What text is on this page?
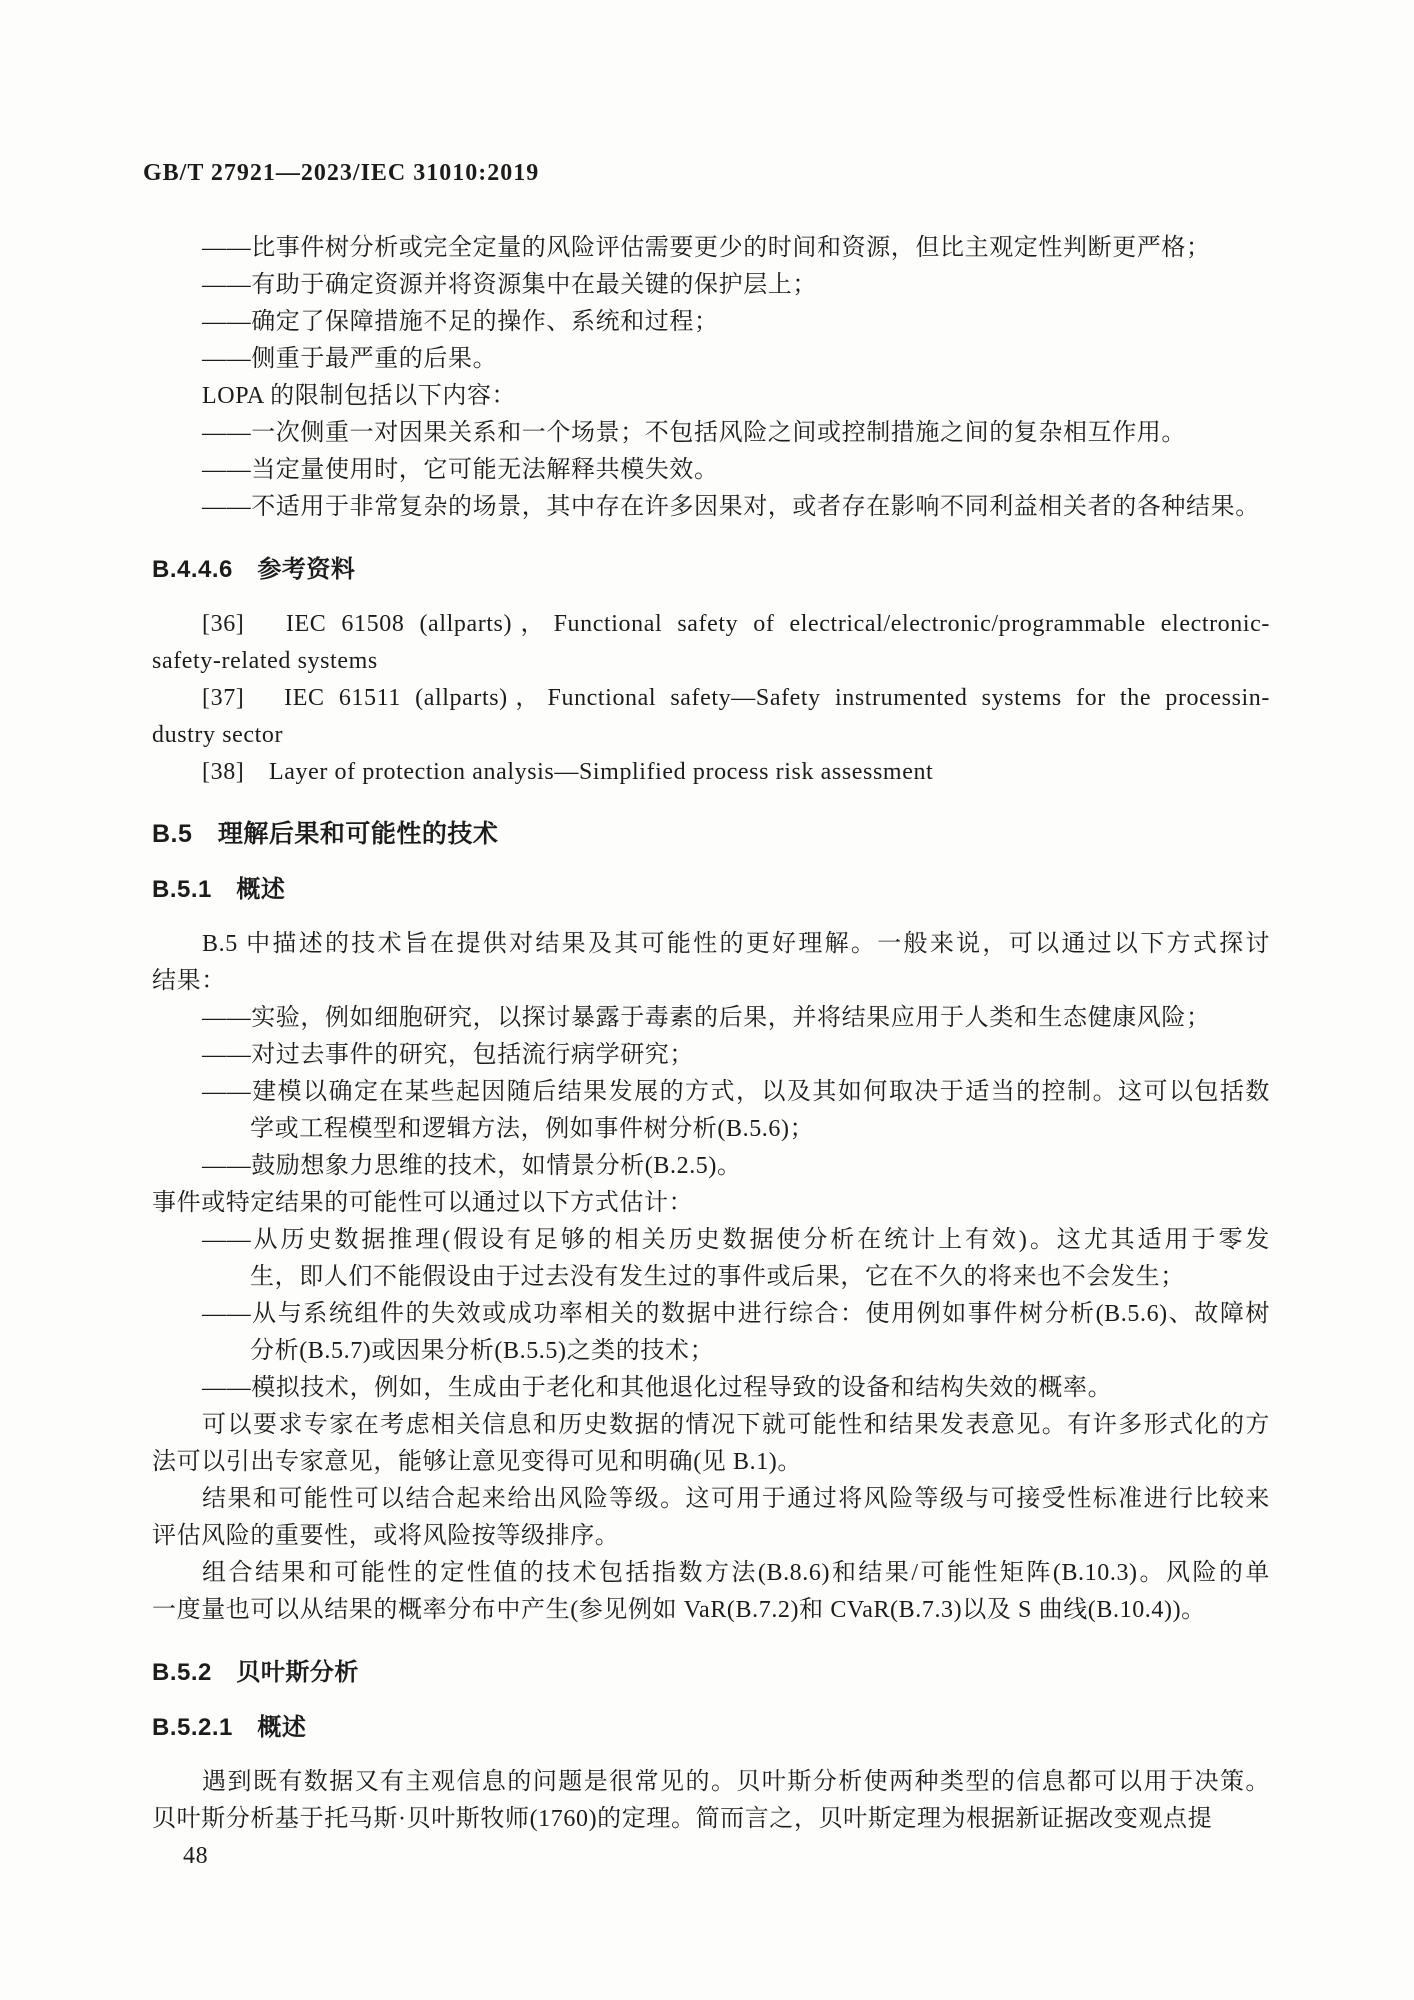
GB/T 27921—2023/IEC 31010:2019
——比事件树分析或完全定量的风险评估需要更少的时间和资源，但比主观定性判断更严格；
——有助于确定资源并将资源集中在最关键的保护层上；
——确定了保障措施不足的操作、系统和过程；
——侧重于最严重的后果。
LOPA 的限制包括以下内容：
——一次侧重一对因果关系和一个场景；不包括风险之间或控制措施之间的复杂相互作用。
——当定量使用时，它可能无法解释共模失效。
——不适用于非常复杂的场景，其中存在许多因果对，或者存在影响不同利益相关者的各种结果。
B.4.4.6　参考资料
[36]　IEC 61508 (allparts)，Functional safety of electrical/electronic/programmable electronic-
safety-related systems
[37]　IEC 61511 (allparts)，Functional safety—Safety instrumented systems for the processin-
dustry sector
[38]　Layer of protection analysis—Simplified process risk assessment
B.5　理解后果和可能性的技术
B.5.1　概述
B.5 中描述的技术旨在提供对结果及其可能性的更好理解。一般来说，可以通过以下方式探讨
结果：
——实验，例如细胞研究，以探讨暴露于毒素的后果，并将结果应用于人类和生态健康风险；
——对过去事件的研究，包括流行病学研究；
——建模以确定在某些起因随后结果发展的方式，以及其如何取决于适当的控制。这可以包括数
学或工程模型和逻辑方法，例如事件树分析(B.5.6)；
——鼓励想象力思维的技术，如情景分析(B.2.5)。
事件或特定结果的可能性可以通过以下方式估计：
——从历史数据推理(假设有足够的相关历史数据使分析在统计上有效)。这尤其适用于零发
生，即人们不能假设由于过去没有发生过的事件或后果，它在不久的将来也不会发生；
——从与系统组件的失效或成功率相关的数据中进行综合：使用例如事件树分析(B.5.6)、故障树
分析(B.5.7)或因果分析(B.5.5)之类的技术；
——模拟技术，例如，生成由于老化和其他退化过程导致的设备和结构失效的概率。
可以要求专家在考虑相关信息和历史数据的情况下就可能性和结果发表意见。有许多形式化的方
法可以引出专家意见，能够让意见变得可见和明确(见 B.1)。
结果和可能性可以结合起来给出风险等级。这可用于通过将风险等级与可接受性标准进行比较来
评估风险的重要性，或将风险按等级排序。
组合结果和可能性的定性值的技术包括指数方法(B.8.6)和结果/可能性矩阵(B.10.3)。风险的单
一度量也可以从结果的概率分布中产生(参见例如 VaR(B.7.2)和 CVaR(B.7.3)以及 S 曲线(B.10.4))。
B.5.2　贝叶斯分析
B.5.2.1　概述
遇到既有数据又有主观信息的问题是很常见的。贝叶斯分析使两种类型的信息都可以用于决策。
贝叶斯分析基于托马斯·贝叶斯牧师(1760)的定理。简而言之，贝叶斯定理为根据新证据改变观点提
48
